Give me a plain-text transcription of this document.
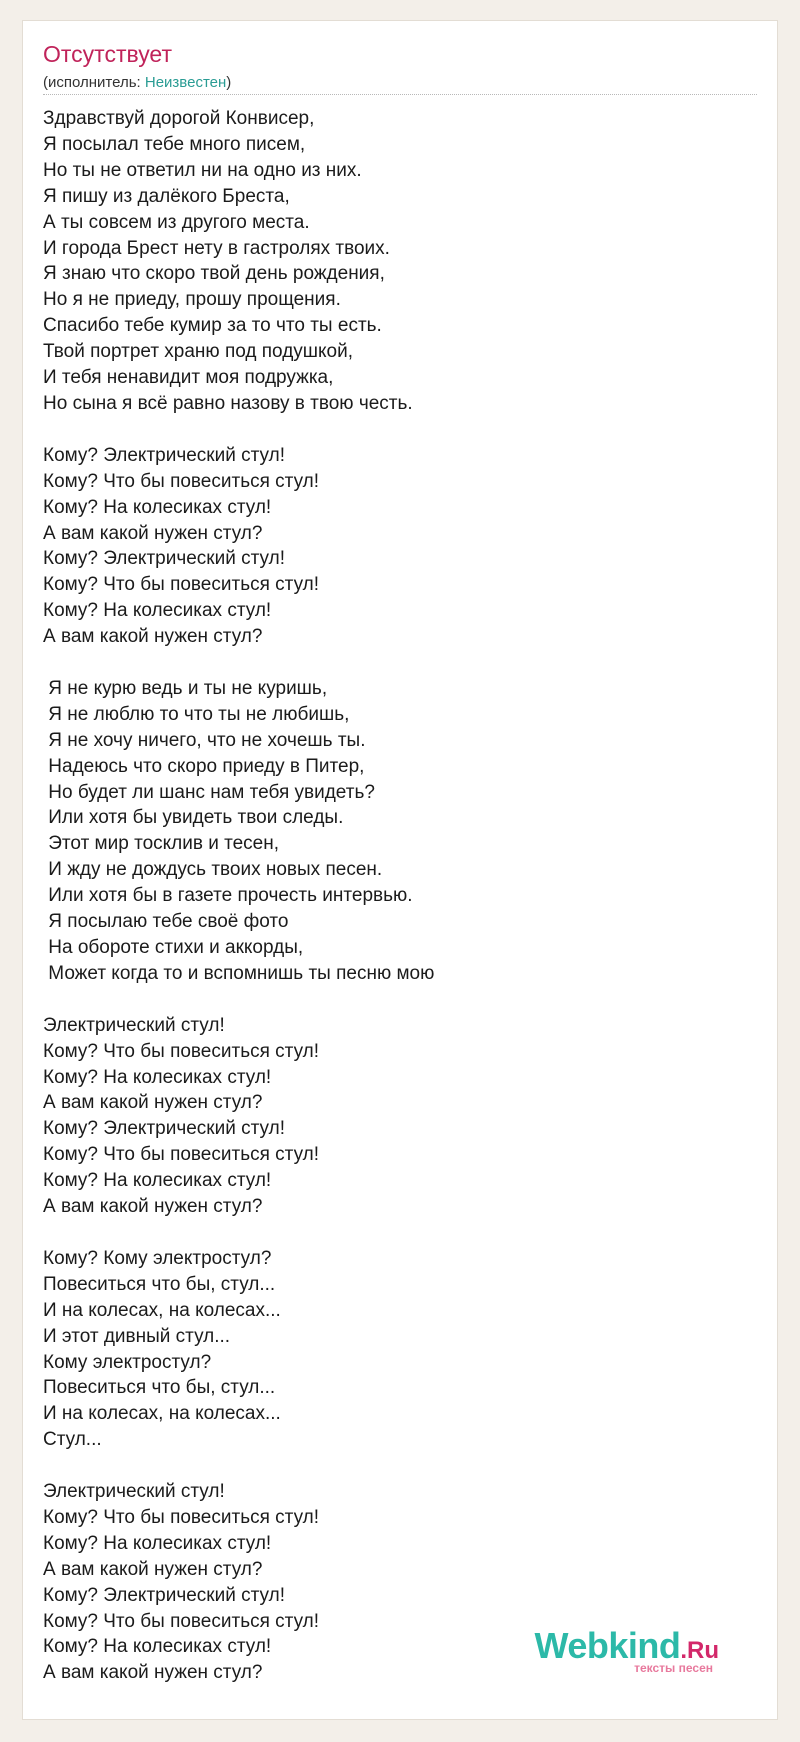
Отсутствует
(исполнитель: Неизвестен)
Здравствуй дорогой Конвисер,
Я посылал тебе много писем,
Но ты не ответил ни на одно из них.
Я пишу из далёкого Бреста,
А ты совсем из другого места.
И города Брест нету в гастролях твоих.
Я знаю что скоро твой день рождения,
Но я не приеду, прошу прощения.
Спасибо тебе кумир за то что ты есть.
Твой портрет храню под подушкой,
И тебя ненавидит моя подружка,
Но сына я всё равно назову в твою честь.

Кому? Электрический стул!
Кому? Что бы повеситься стул!
Кому? На колесиках стул!
А вам какой нужен стул?
Кому? Электрический стул!
Кому? Что бы повеситься стул!
Кому? На колесиках стул!
А вам какой нужен стул?

Я не курю ведь и ты не куришь,
Я не люблю то что ты не любишь,
Я не хочу ничего, что не хочешь ты.
Надеюсь что скоро приеду в Питер,
Но будет ли шанс нам тебя увидеть?
Или хотя бы увидеть твои следы.
Этот мир тосклив и тесен,
И жду не дождусь твоих новых песен.
Или хотя бы в газете прочесть интервью.
Я посылаю тебе своё фото
На обороте стихи и аккорды,
Может когда то и вспомнишь ты песню мою

Электрический стул!
Кому? Что бы повеситься стул!
Кому? На колесиках стул!
А вам какой нужен стул?
Кому? Электрический стул!
Кому? Что бы повеситься стул!
Кому? На колесиках стул!
А вам какой нужен стул?

Кому? Кому электростул?
Повеситься что бы, стул...
И на колесах, на колесах...
И этот дивный стул...
Кому электростул?
Повеситься что бы, стул...
И на колесах, на колесах...
Стул...

Электрический стул!
Кому? Что бы повеситься стул!
Кому? На колесиках стул!
А вам какой нужен стул?
Кому? Электрический стул!
Кому? Что бы повеситься стул!
Кому? На колесиках стул!
А вам какой нужен стул?
Webkind.Ru
тексты песен
